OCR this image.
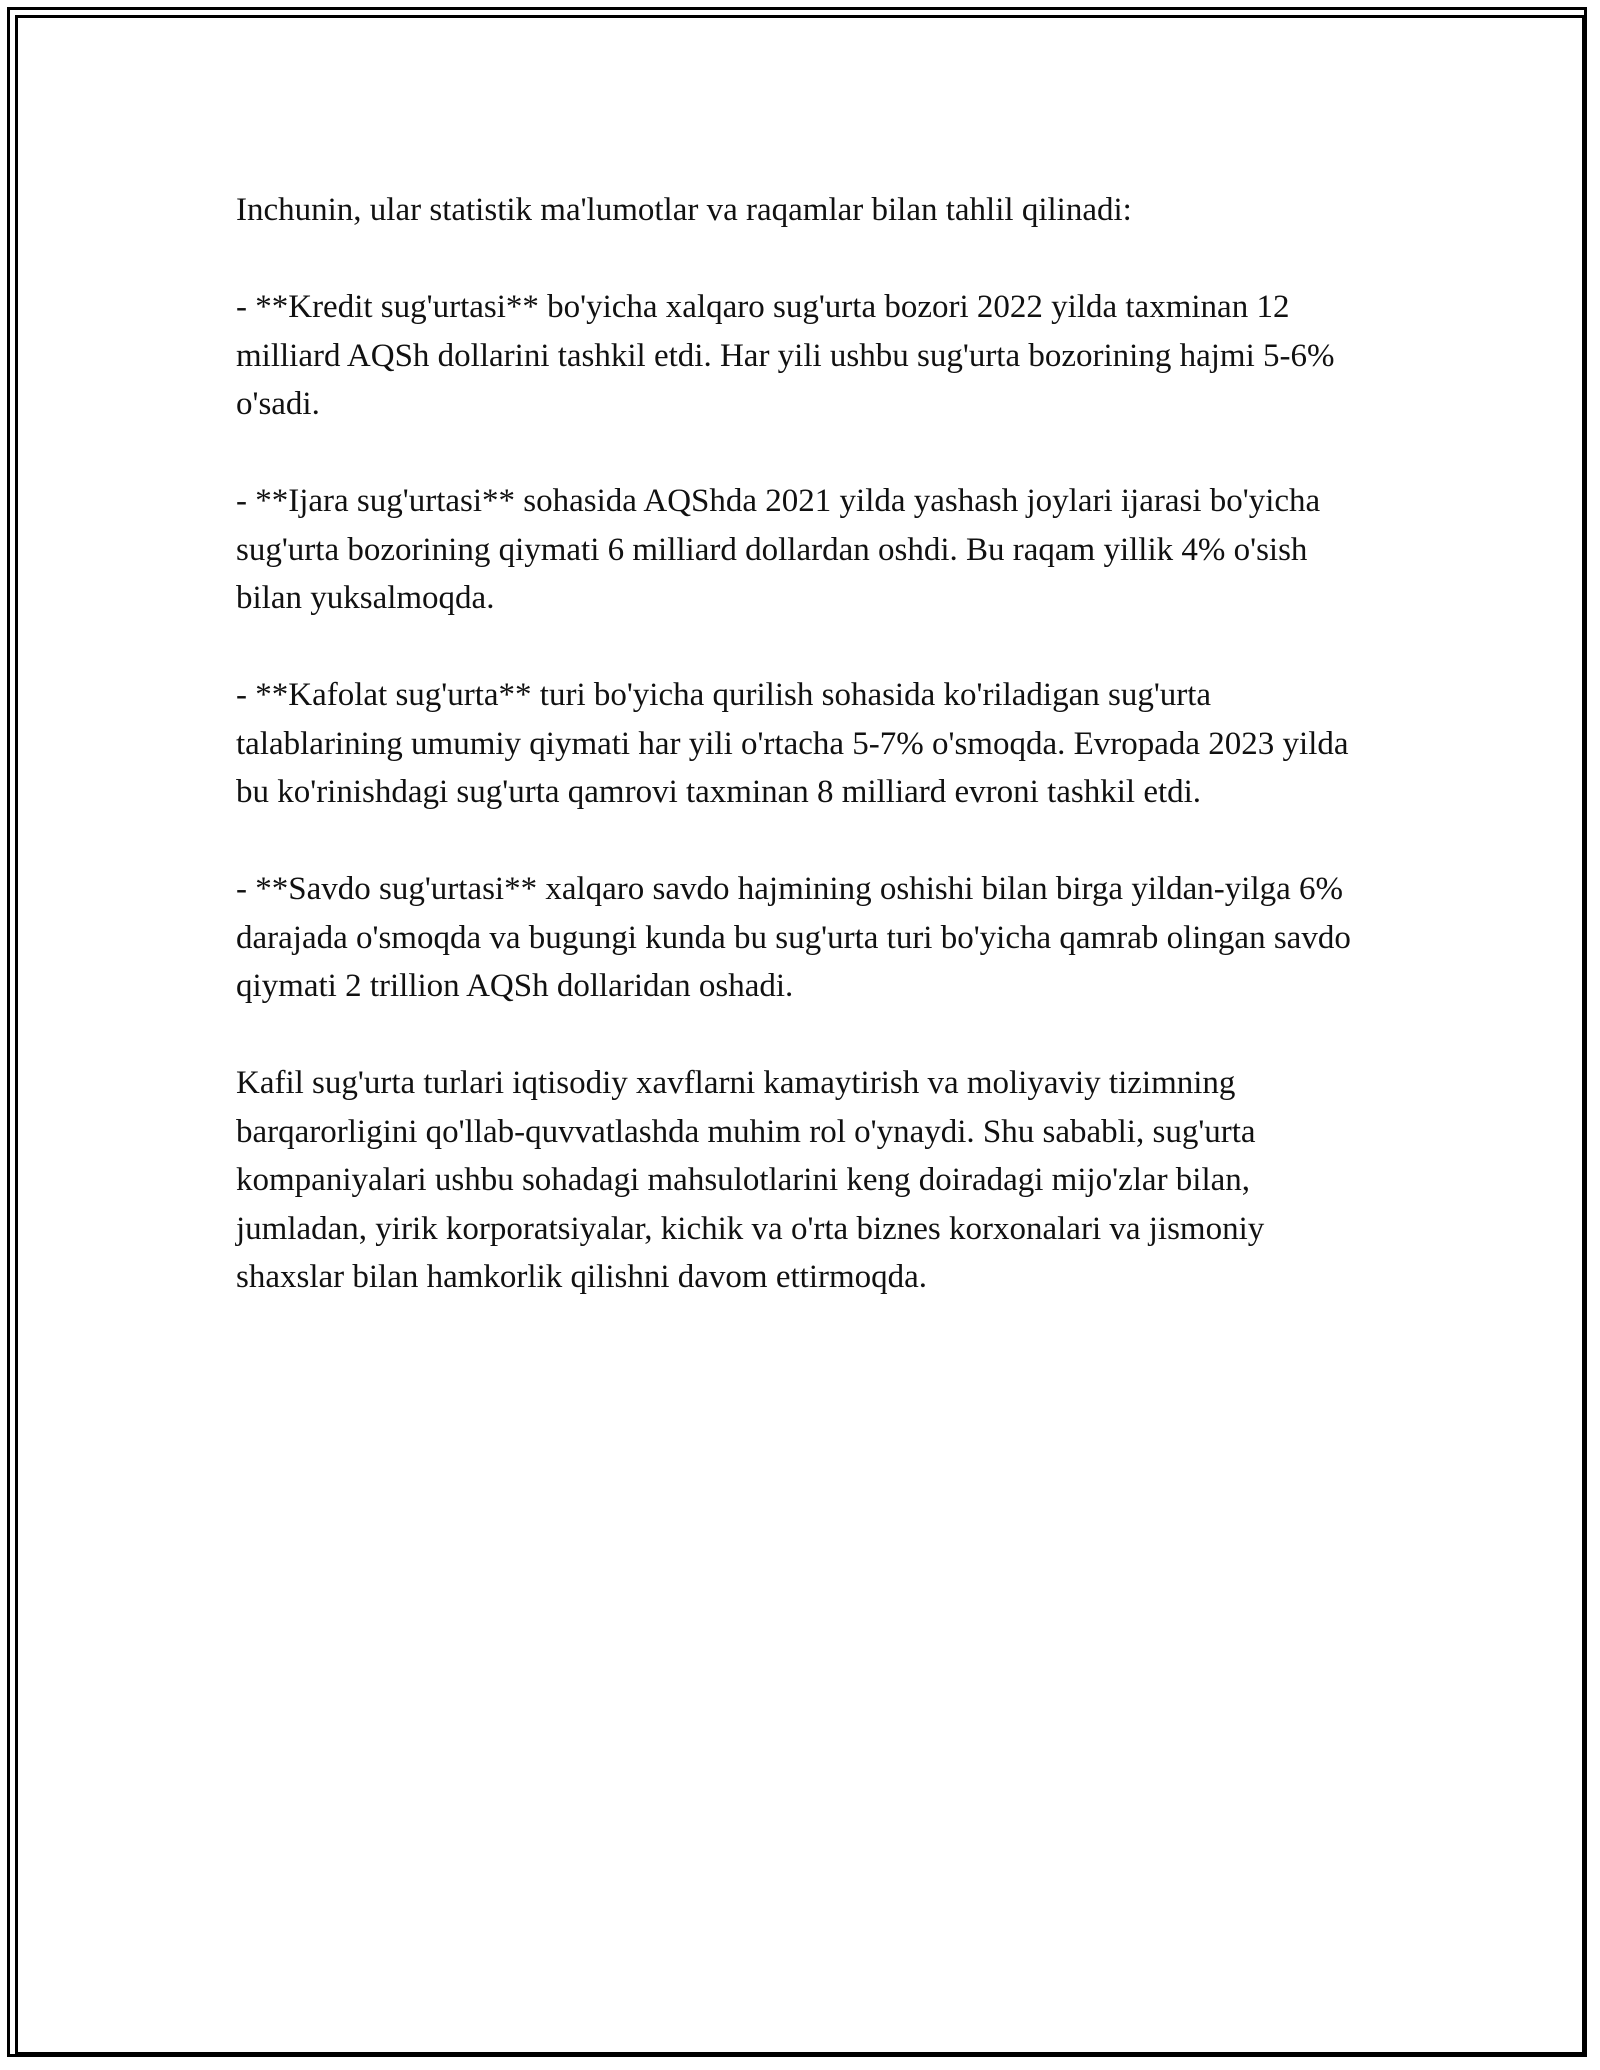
Inchunin, ular statistik ma'lumotlar va raqamlar bilan tahlil qilinadi:

- **Kredit sug'urtasi** bo'yicha xalqaro sug'urta bozori 2022 yilda taxminan 12 milliard AQSh dollarini tashkil etdi. Har yili ushbu sug'urta bozorining hajmi 5-6% o'sadi.

- **Ijara sug'urtasi** sohasida AQShda 2021 yilda yashash joylari ijarasi bo'yicha sug'urta bozorining qiymati 6 milliard dollardan oshdi. Bu raqam yillik 4% o'sish bilan yuksalmoqda.

- **Kafolat sug'urta** turi bo'yicha qurilish sohasida ko'riladigan sug'urta talablarining umumiy qiymati har yili o'rtacha 5-7% o'smoqda. Evropada 2023 yilda bu ko'rinishdagi sug'urta qamrovi taxminan 8 milliard evroni tashkil etdi.

- **Savdo sug'urtasi** xalqaro savdo hajmining oshishi bilan birga yildan-yilga 6% darajada o'smoqda va bugungi kunda bu sug'urta turi bo'yicha qamrab olingan savdo qiymati 2 trillion AQSh dollaridan oshadi.

Kafil sug'urta turlari iqtisodiy xavflarni kamaytirish va moliyaviy tizimning barqarorligini qo'llab-quvvatlashda muhim rol o'ynaydi. Shu sababli, sug'urta kompaniyalari ushbu sohadagi mahsulotlarini keng doiradagi mijo'zlar bilan, jumladan, yirik korporatsiyalar, kichik va o'rta biznes korxonalari va jismoniy shaxslar bilan hamkorlik qilishni davom ettirmoqda.
